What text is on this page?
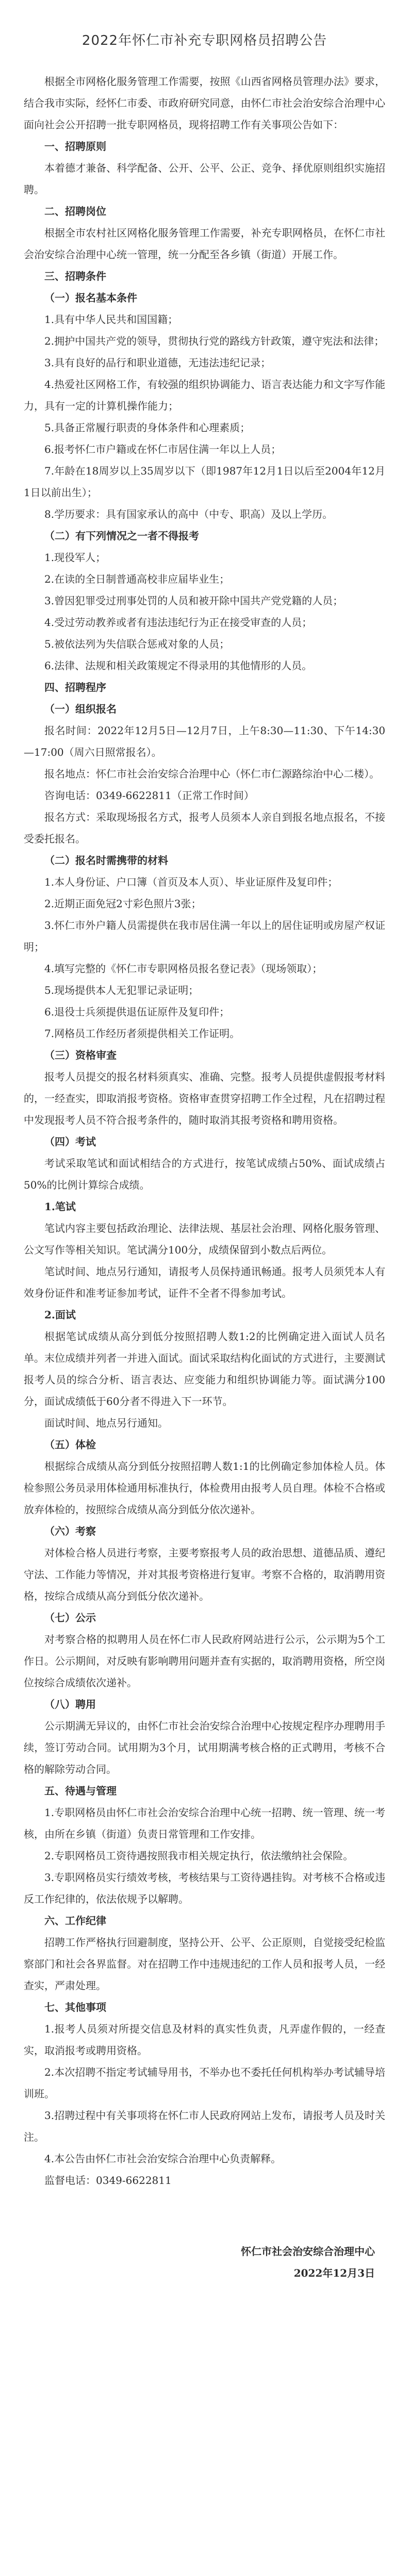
2022年怀仁市补充专职网格员招聘公告

根据全市网格化服务管理工作需要，按照《山西省网格员管理办法》要求，结合我市实际，经怀仁市委、市政府研究同意，由怀仁市社会治安综合治理中心面向社会公开招聘一批专职网格员，现将招聘工作有关事项公告如下：

一、招聘原则

本着德才兼备、科学配备、公开、公平、公正、竞争、择优原则组织实施招聘。

二、招聘岗位

根据全市农村社区网格化服务管理工作需要，补充专职网格员，在怀仁市社会治安综合治理中心统一管理，统一分配至各乡镇（街道）开展工作。

三、招聘条件

（一）报名基本条件

1.具有中华人民共和国国籍；

2.拥护中国共产党的领导，贯彻执行党的路线方针政策，遵守宪法和法律；

3.具有良好的品行和职业道德，无违法违纪记录；

4.热爱社区网格工作，有较强的组织协调能力、语言表达能力和文字写作能力，具有一定的计算机操作能力；

5.具备正常履行职责的身体条件和心理素质；

6.报考怀仁市户籍或在怀仁市居住满一年以上人员；

7.年龄在18周岁以上35周岁以下（即1987年12月1日以后至2004年12月1日以前出生）；

8.学历要求：具有国家承认的高中（中专、职高）及以上学历。

（二）有下列情况之一者不得报考

1.现役军人；

2.在读的全日制普通高校非应届毕业生；

3.曾因犯罪受过刑事处罚的人员和被开除中国共产党党籍的人员；

4.受过劳动教养或者有违法违纪行为正在接受审查的人员；

5.被依法列为失信联合惩戒对象的人员；

6.法律、法规和相关政策规定不得录用的其他情形的人员。

四、招聘程序

（一）组织报名

报名时间：2022年12月5日—12月7日，上午8:30—11:30、下午14:30—17:00（周六日照常报名）。

报名地点：怀仁市社会治安综合治理中心（怀仁市仁源路综治中心二楼）。

咨询电话：0349-6622811（正常工作时间）

报名方式：采取现场报名方式，报考人员须本人亲自到报名地点报名，不接受委托报名。

（二）报名时需携带的材料

1.本人身份证、户口簿（首页及本人页）、毕业证原件及复印件；

2.近期正面免冠2寸彩色照片3张；

3.怀仁市外户籍人员需提供在我市居住满一年以上的居住证明或房屋产权证明；

4.填写完整的《怀仁市专职网格员报名登记表》（现场领取）；

5.现场提供本人无犯罪记录证明；

6.退役士兵须提供退伍证原件及复印件；

7.网格员工作经历者须提供相关工作证明。

（三）资格审查

报考人员提交的报名材料须真实、准确、完整。报考人员提供虚假报考材料的，一经查实，即取消报考资格。资格审查贯穿招聘工作全过程，凡在招聘过程中发现报考人员不符合报考条件的，随时取消其报考资格和聘用资格。

（四）考试

考试采取笔试和面试相结合的方式进行，按笔试成绩占50%、面试成绩占50%的比例计算综合成绩。

1.笔试

笔试内容主要包括政治理论、法律法规、基层社会治理、网格化服务管理、公文写作等相关知识。笔试满分100分，成绩保留到小数点后两位。

笔试时间、地点另行通知，请报考人员保持通讯畅通。报考人员须凭本人有效身份证件和准考证参加考试，证件不全者不得参加考试。

2.面试

根据笔试成绩从高分到低分按照招聘人数1:2的比例确定进入面试人员名单。末位成绩并列者一并进入面试。面试采取结构化面试的方式进行，主要测试报考人员的综合分析、语言表达、应变能力和组织协调能力等。面试满分100分，面试成绩低于60分者不得进入下一环节。

面试时间、地点另行通知。

（五）体检

根据综合成绩从高分到低分按照招聘人数1:1的比例确定参加体检人员。体检参照公务员录用体检通用标准执行，体检费用由报考人员自理。体检不合格或放弃体检的，按照综合成绩从高分到低分依次递补。

（六）考察

对体检合格人员进行考察，主要考察报考人员的政治思想、道德品质、遵纪守法、工作能力等情况，并对其报考资格进行复审。考察不合格的，取消聘用资格，按综合成绩从高分到低分依次递补。

（七）公示

对考察合格的拟聘用人员在怀仁市人民政府网站进行公示，公示期为5个工作日。公示期间，对反映有影响聘用问题并查有实据的，取消聘用资格，所空岗位按综合成绩依次递补。

（八）聘用

公示期满无异议的，由怀仁市社会治安综合治理中心按规定程序办理聘用手续，签订劳动合同。试用期为3个月，试用期满考核合格的正式聘用，考核不合格的解除劳动合同。

五、待遇与管理

1.专职网格员由怀仁市社会治安综合治理中心统一招聘、统一管理、统一考核，由所在乡镇（街道）负责日常管理和工作安排。

2.专职网格员工资待遇按照我市相关规定执行，依法缴纳社会保险。

3.专职网格员实行绩效考核，考核结果与工资待遇挂钩。对考核不合格或违反工作纪律的，依法依规予以解聘。

六、工作纪律

招聘工作严格执行回避制度，坚持公开、公平、公正原则，自觉接受纪检监察部门和社会各界监督。对在招聘工作中违规违纪的工作人员和报考人员，一经查实，严肃处理。

七、其他事项

1.报考人员须对所提交信息及材料的真实性负责，凡弄虚作假的，一经查实，取消报考或聘用资格。

2.本次招聘不指定考试辅导用书，不举办也不委托任何机构举办考试辅导培训班。

3.招聘过程中有关事项将在怀仁市人民政府网站上发布，请报考人员及时关注。

4.本公告由怀仁市社会治安综合治理中心负责解释。

监督电话：0349-6622811

怀仁市社会治安综合治理中心
2022年12月3日
